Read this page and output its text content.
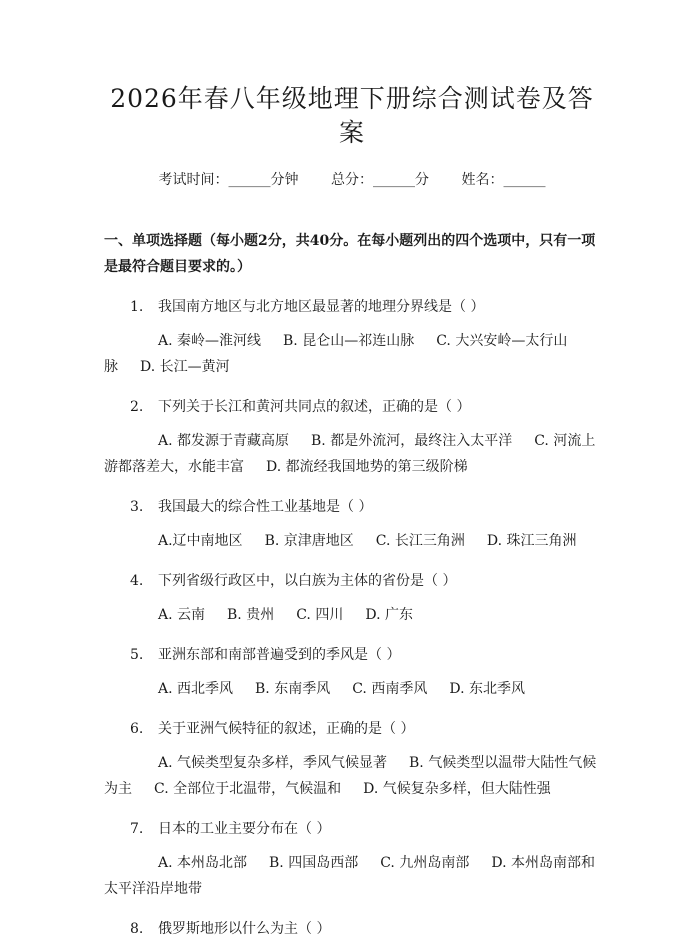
2026年春八年级地理下册综合测试卷及答案
考试时间：______分钟 总分：______分 姓名：______
一、单项选择题（每小题2分，共40分。在每小题列出的四个选项中，只有一项是最符合题目要求的。）
1. 我国南方地区与北方地区最显著的地理分界线是（ ）
A. 秦岭—淮河线 B. 昆仑山—祁连山脉 C. 大兴安岭—太行山脉 D. 长江—黄河
2. 下列关于长江和黄河共同点的叙述，正确的是（ ）
A. 都发源于青藏高原 B. 都是外流河，最终注入太平洋 C. 河流上游都落差大，水能丰富 D. 都流经我国地势的第三级阶梯
3. 我国最大的综合性工业基地是（ ）
A.辽中南地区 B. 京津唐地区 C. 长江三角洲 D. 珠江三角洲
4. 下列省级行政区中，以白族为主体的省份是（ ）
A. 云南 B. 贵州 C. 四川 D. 广东
5. 亚洲东部和南部普遍受到的季风是（ ）
A. 西北季风 B. 东南季风 C. 西南季风 D. 东北季风
6. 关于亚洲气候特征的叙述，正确的是（ ）
A. 气候类型复杂多样，季风气候显著 B. 气候类型以温带大陆性气候为主 C. 全部位于北温带，气候温和 D. 气候复杂多样，但大陆性强
7. 日本的工业主要分布在（ ）
A. 本州岛北部 B. 四国岛西部 C. 九州岛南部 D. 本州岛南部和太平洋沿岸地带
8. 俄罗斯地形以什么为主（ ）
